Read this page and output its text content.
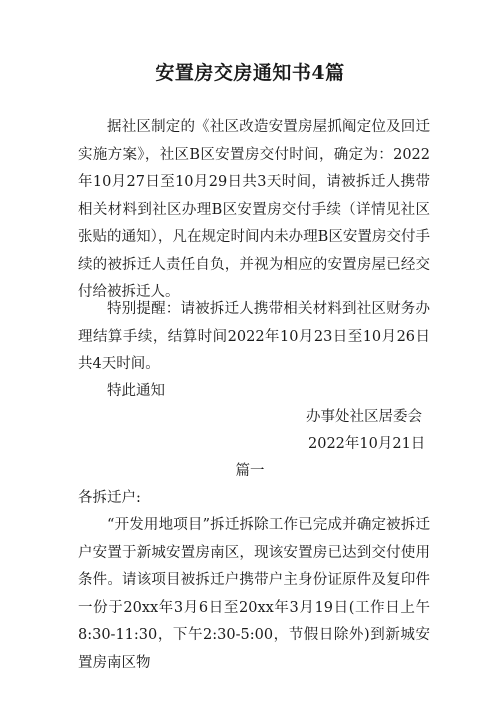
安置房交房通知书4篇
据社区制定的《社区改造安置房屋抓阄定位及回迁实施方案》，社区B区安置房交付时间，确定为：2022年10月27日至10月29日共3天时间，请被拆迁人携带相关材料到社区办理B区安置房交付手续（详情见社区张贴的通知），凡在规定时间内未办理B区安置房交付手续的被拆迁人责任自负，并视为相应的安置房屋已经交付给被拆迁人。
特别提醒：请被拆迁人携带相关材料到社区财务办理结算手续，结算时间2022年10月23日至10月26日共4天时间。
特此通知
办事处社区居委会
2022年10月21日
篇一
各拆迁户:
“开发用地项目”拆迁拆除工作已完成并确定被拆迁户安置于新城安置房南区，现该安置房已达到交付使用条件。请该项目被拆迁户携带户主身份证原件及复印件一份于20xx年3月6日至20xx年3月19日(工作日上午8:30-11:30，下午2:30-5:00，节假日除外)到新城安置房南区物
